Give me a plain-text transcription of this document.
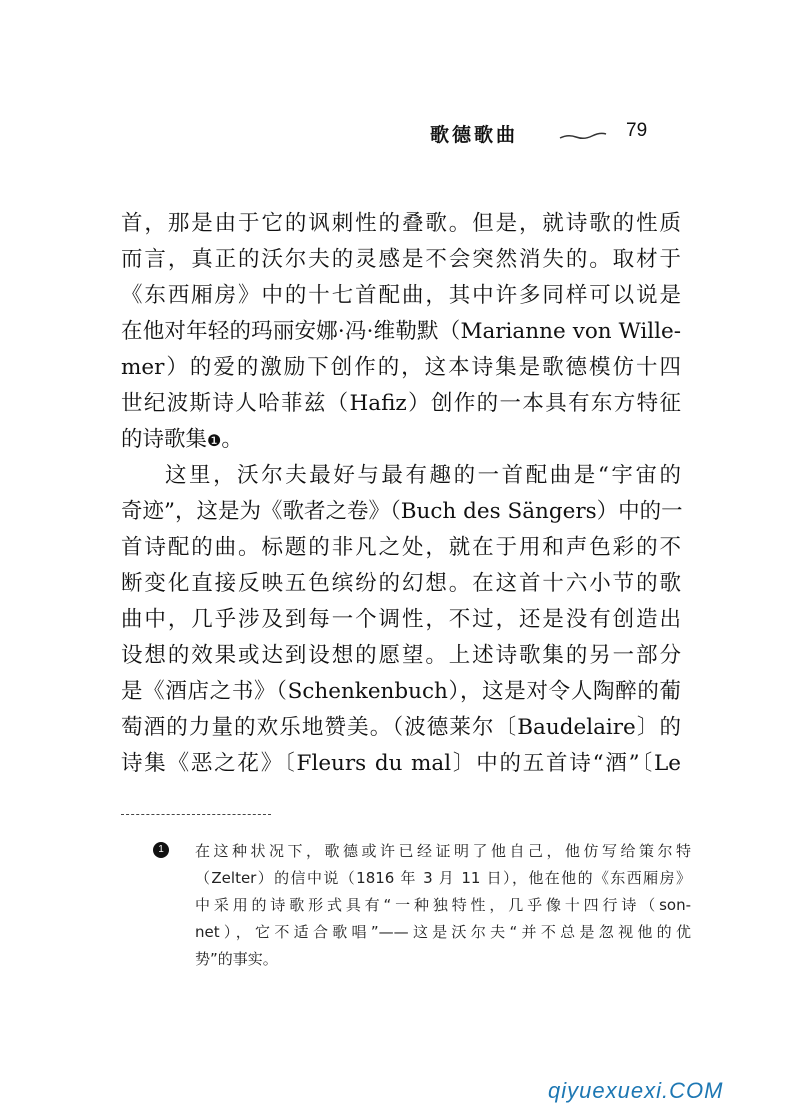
歌德歌曲	79
首，那是由于它的讽刺性的叠歌。但是，就诗歌的性质
而言，真正的沃尔夫的灵感是不会突然消失的。取材于
《东西厢房》中的十七首配曲，其中许多同样可以说是
在他对年轻的玛丽安娜·冯·维勒默（Marianne von Wille-
mer）的爱的激励下创作的，这本诗集是歌德模仿十四
世纪波斯诗人哈菲兹（Hafiz）创作的一本具有东方特征
的诗歌集❶。
这里，沃尔夫最好与最有趣的一首配曲是“宇宙的
奇迹”，这是为《歌者之卷》（Buch des Sängers）中的一
首诗配的曲。标题的非凡之处，就在于用和声色彩的不
断变化直接反映五色缤纷的幻想。在这首十六小节的歌
曲中，几乎涉及到每一个调性，不过，还是没有创造出
设想的效果或达到设想的愿望。上述诗歌集的另一部分
是《酒店之书》（Schenkenbuch），这是对令人陶醉的葡
萄酒的力量的欢乐地赞美。（波德莱尔〔Baudelaire〕的
诗集《恶之花》〔Fleurs du mal〕中的五首诗“酒”〔Le
1	在这种状况下，歌德或许已经证明了他自己，他仿写给策尔特
（Zelter）的信中说（1816 年 3 月 11 日），他在他的《东西厢房》
中采用的诗歌形式具有“一种独特性，几乎像十四行诗（son-
net），它不适合歌唱”——这是沃尔夫“并不总是忽视他的优
势”的事实。
qiyuexuexi.COM
